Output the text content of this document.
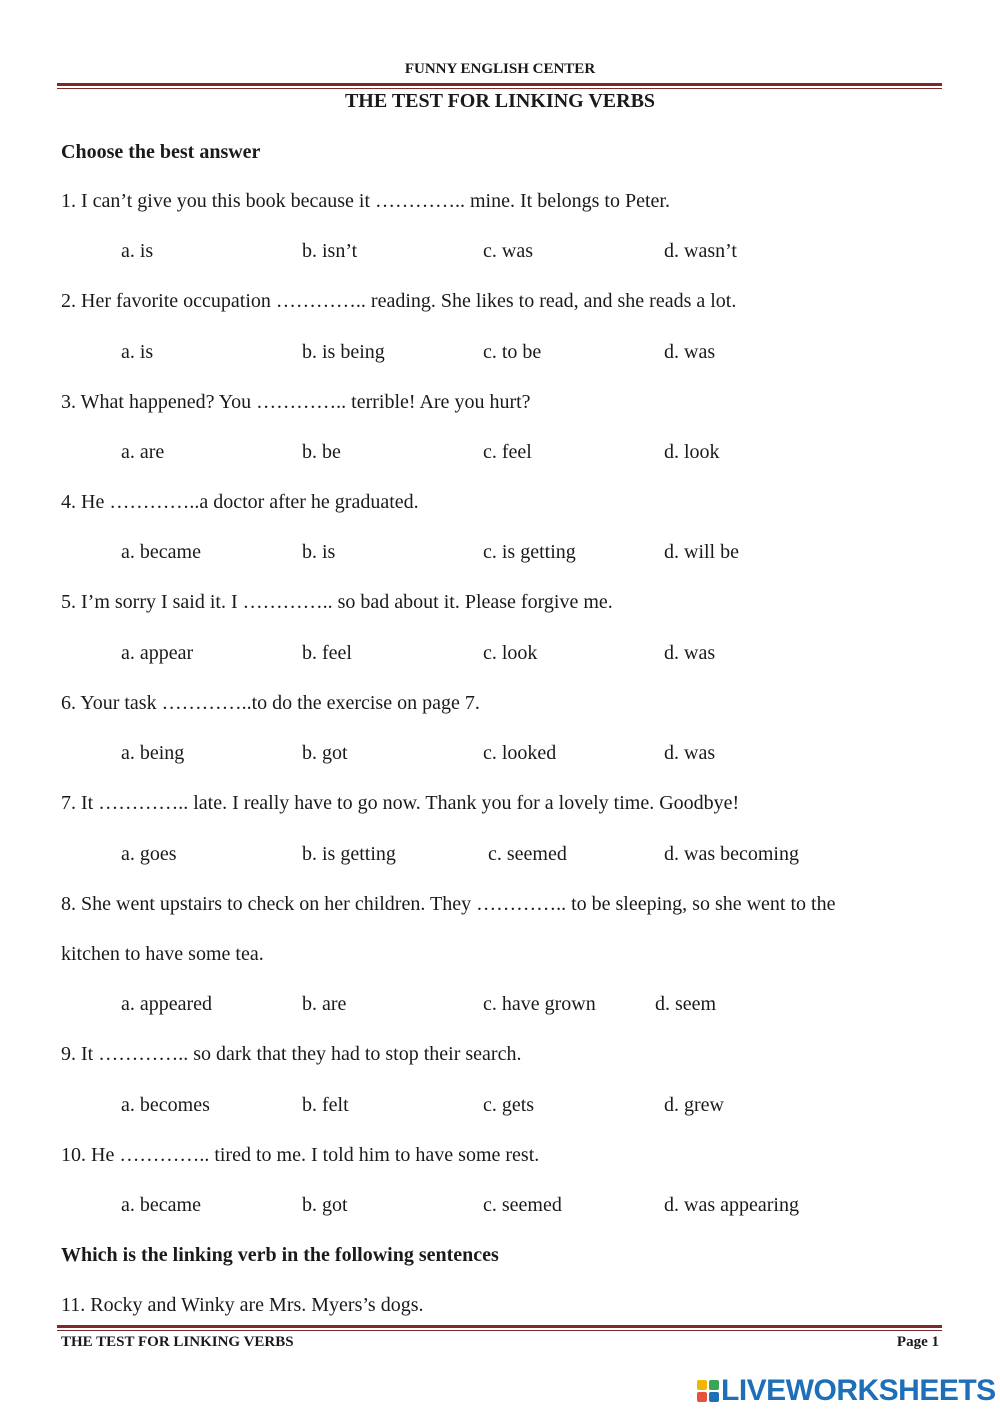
FUNNY ENGLISH CENTER
THE TEST FOR LINKING VERBS
Choose the best answer
1. I can’t give you this book because it ………….. mine. It belongs to Peter.
a. is	b. isn’t	c. was	d. wasn’t
2. Her favorite occupation ………….. reading. She likes to read, and she reads a lot.
a. is	b. is being	c. to be	d. was
3. What happened? You ………….. terrible! Are you hurt?
a. are	b. be	c. feel	d. look
4. He …………..a doctor after he graduated.
a. became	b. is	c. is getting	d. will be
5. I’m sorry I said it. I ………….. so bad about it. Please forgive me.
a. appear	b. feel	c. look	d. was
6. Your task …………..to do the exercise on page 7.
a. being	b. got	c. looked	d. was
7. It ………….. late. I really have to go now. Thank you for a lovely time. Goodbye!
a. goes	b. is getting	c. seemed	d. was becoming
8. She went upstairs to check on her children. They ………….. to be sleeping, so she went to the
kitchen to have some tea.
a. appeared	b. are	c. have grown	d. seem
9. It ………….. so dark that they had to stop their search.
a. becomes	b. felt	c. gets	d. grew
10. He ………….. tired to me. I told him to have some rest.
a. became	b. got	c. seemed	d. was appearing
Which is the linking verb in the following sentences
11. Rocky and Winky are Mrs. Myers’s dogs.
THE TEST FOR LINKING VERBS	Page 1
LIVEWORKSHEETS
